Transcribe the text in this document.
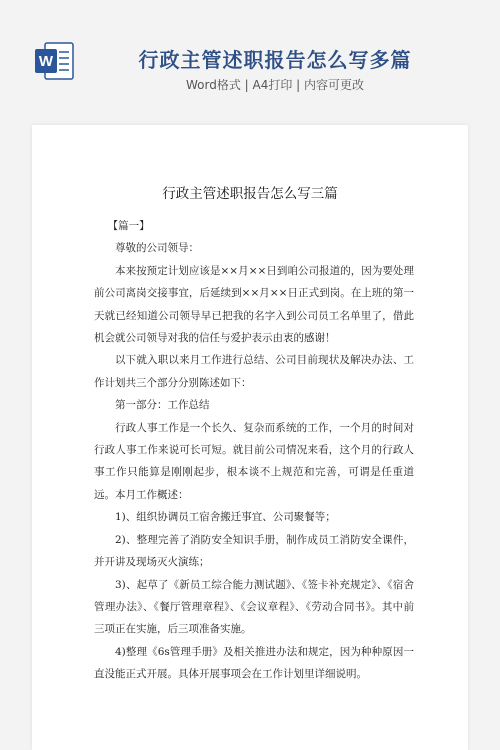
W	行政主管述职报告怎么写多篇
Word格式 | A4打印 | 内容可更改
行政主管述职报告怎么写三篇

【篇一】

尊敬的公司领导：

本来按预定计划应该是××月××日到咱公司报道的，因为要处理前公司离岗交接事宜，后延续到××月××日正式到岗。在上班的第一天就已经知道公司领导早已把我的名字入到公司员工名单里了，借此机会就公司领导对我的信任与爱护表示由衷的感谢！

以下就入职以来月工作进行总结、公司目前现状及解决办法、工作计划共三个部分分别陈述如下：

第一部分：工作总结

行政人事工作是一个长久、复杂而系统的工作，一个月的时间对行政人事工作来说可长可短。就目前公司情况来看，这个月的行政人事工作只能算是刚刚起步，根本谈不上规范和完善，可谓是任重道远。本月工作概述：

1)、组织协调员工宿舍搬迁事宜、公司聚餐等；

2)、整理完善了消防安全知识手册，制作成员工消防安全课件，并开讲及现场灭火演练；

3)、起草了《新员工综合能力测试题》、《签卡补充规定》、《宿舍管理办法》、《餐厅管理章程》、《会议章程》、《劳动合同书》。其中前三项正在实施，后三项准备实施。

4)整理《6s管理手册》及相关推进办法和规定，因为种种原因一直没能正式开展。具体开展事项会在工作计划里详细说明。
